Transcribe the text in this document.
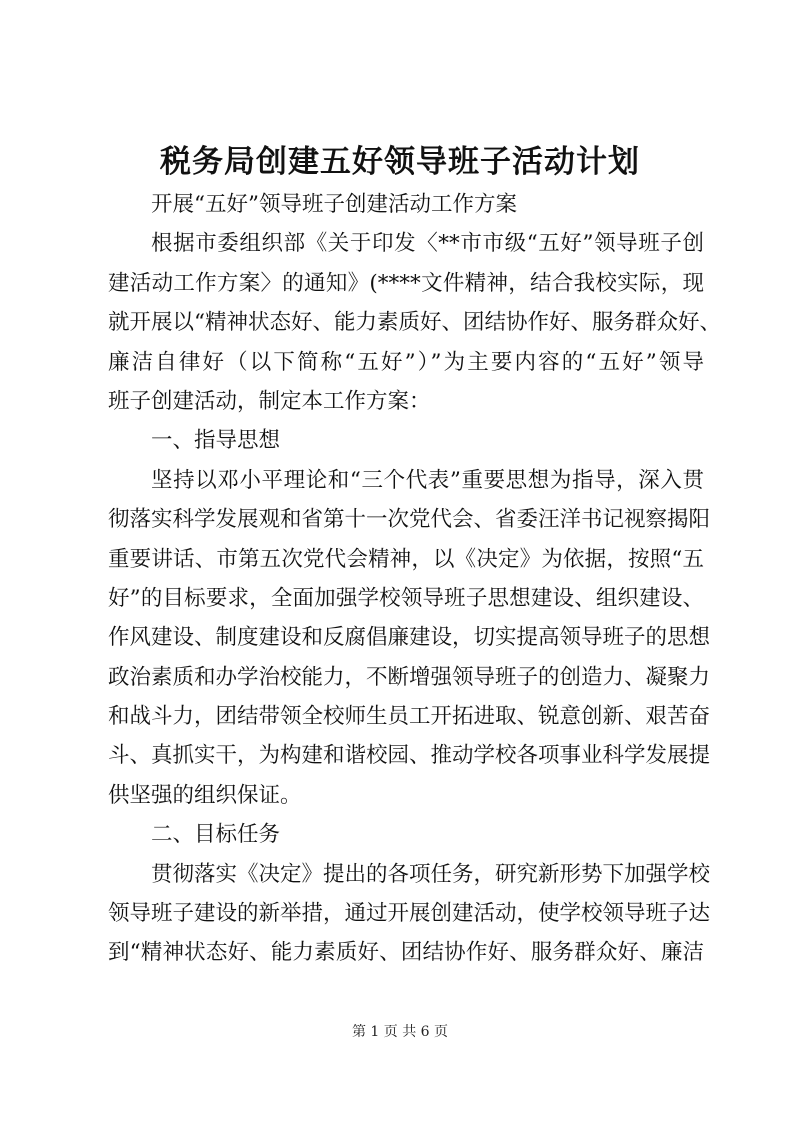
税务局创建五好领导班子活动计划
开展“五好”领导班子创建活动工作方案
根据市委组织部《关于印发〈**市市级“五好”领导班子创
建活动工作方案〉的通知》(****文件精神，结合我校实际，现
就开展以“精神状态好、能力素质好、团结协作好、服务群众好、
廉洁自律好（以下简称“五好”）”为主要内容的“五好”领导
班子创建活动，制定本工作方案：
一、指导思想
坚持以邓小平理论和“三个代表”重要思想为指导，深入贯
彻落实科学发展观和省第十一次党代会、省委汪洋书记视察揭阳
重要讲话、市第五次党代会精神，以《决定》为依据，按照“五
好”的目标要求，全面加强学校领导班子思想建设、组织建设、
作风建设、制度建设和反腐倡廉建设，切实提高领导班子的思想
政治素质和办学治校能力，不断增强领导班子的创造力、凝聚力
和战斗力，团结带领全校师生员工开拓进取、锐意创新、艰苦奋
斗、真抓实干，为构建和谐校园、推动学校各项事业科学发展提
供坚强的组织保证。
二、目标任务
贯彻落实《决定》提出的各项任务，研究新形势下加强学校
领导班子建设的新举措，通过开展创建活动，使学校领导班子达
到“精神状态好、能力素质好、团结协作好、服务群众好、廉洁
第 1 页 共 6 页
